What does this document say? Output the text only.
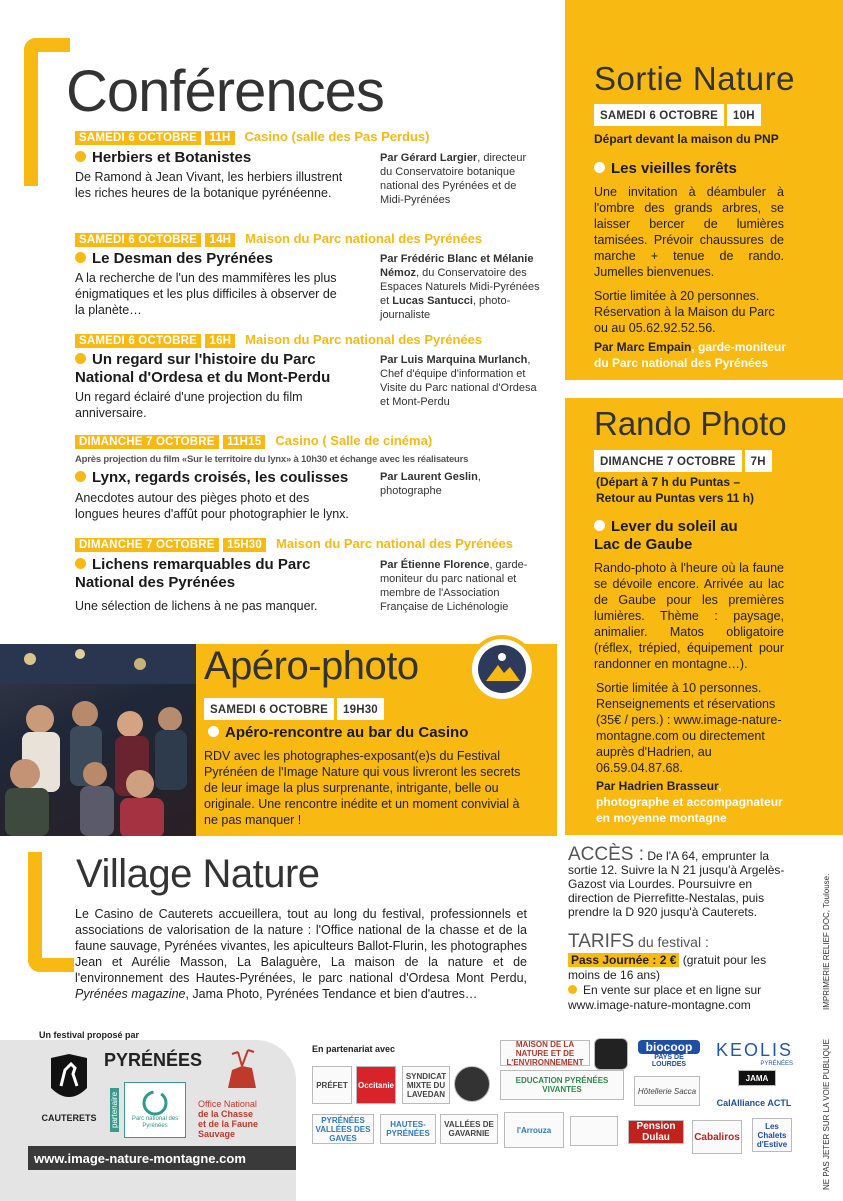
Sortie Nature
SAMEDI 6 OCTOBRE 10H
Départ devant la maison du PNP
Les vieilles forêts
Une invitation à déambuler à l'ombre des grands arbres, se laisser bercer de lumières tamisées. Prévoir chaussures de marche + tenue de rando. Jumelles bienvenues.
Sortie limitée à 20 personnes. Réservation à la Maison du Parc ou au 05.62.92.52.56.
Par Marc Empain, garde-moniteur du Parc national des Pyrénées
Rando Photo
DIMANCHE 7 OCTOBRE 7H
(Départ à 7 h du Puntas – Retour au Puntas vers 11 h)
Lever du soleil au Lac de Gaube
Rando-photo à l'heure où la faune se dévoile encore. Arrivée au lac de Gaube pour les premières lumières. Thème : paysage, animalier. Matos obligatoire (réflex, trépied, équipement pour randonner en montagne…).
Sortie limitée à 10 personnes. Renseignements et réservations (35€ / pers.) : www.image-nature-montagne.com ou directement auprès d'Hadrien, au 06.59.04.87.68.
Par Hadrien Brasseur, photographe et accompagnateur en moyenne montagne
Conférences
SAMEDI 6 OCTOBRE 11H Casino (salle des Pas Perdus)
Herbiers et Botanistes
De Ramond à Jean Vivant, les herbiers illustrent les riches heures de la botanique pyrénéenne.
Par Gérard Largier, directeur du Conservatoire botanique national des Pyrénées et de Midi-Pyrénées
SAMEDI 6 OCTOBRE 14H Maison du Parc national des Pyrénées
Le Desman des Pyrénées
A la recherche de l'un des mammifères les plus énigmatiques et les plus difficiles à observer de la planète…
Par Frédéric Blanc et Mélanie Némoz, du Conservatoire des Espaces Naturels Midi-Pyrénées et Lucas Santucci, photo-journaliste
SAMEDI 6 OCTOBRE 16H Maison du Parc national des Pyrénées
Un regard sur l'histoire du Parc National d'Ordesa et du Mont-Perdu
Un regard éclairé d'une projection du film anniversaire.
Par Luis Marquina Murlanch, Chef d'équipe d'information et Visite du Parc national d'Ordesa et Mont-Perdu
DIMANCHE 7 OCTOBRE 11H15 Casino ( Salle de cinéma)
Après projection du film «Sur le territoire du lynx» à 10h30 et échange avec les réalisateurs
Lynx, regards croisés, les coulisses
Anecdotes autour des pièges photo et des longues heures d'affût pour photographier le lynx.
Par Laurent Geslin, photographe
DIMANCHE 7 OCTOBRE 15H30 Maison du Parc national des Pyrénées
Lichens remarquables du Parc National des Pyrénées
Une sélection de lichens à ne pas manquer.
Par Étienne Florence, garde-moniteur du parc national et membre de l'Association Française de Lichénologie
Apéro-photo
SAMEDI 6 OCTOBRE 19H30
Apéro-rencontre au bar du Casino
RDV avec les photographes-exposant(e)s du Festival Pyrénéen de l'Image Nature qui vous livreront les secrets de leur image la plus surprenante, intrigante, belle ou originale. Une rencontre inédite et un moment convivial à ne pas manquer !
Village Nature
Le Casino de Cauterets accueillera, tout au long du festival, professionnels et associations de valorisation de la nature : l'Office national de la chasse et de la faune sauvage, Pyrénées vivantes, les apiculteurs Ballot-Flurin, les photographes Jean et Aurélie Masson, La Balaguère, La maison de la nature et de l'environnement des Hautes-Pyrénées, le parc national d'Ordesa Mont Perdu, Pyrénées magazine, Jama Photo, Pyrénées Tendance et bien d'autres…
ACCÈS : De l'A 64, emprunter la sortie 12. Suivre la N 21 jusqu'à Argelès-Gazost via Lourdes. Poursuivre en direction de Pierrefitte-Nestalas, puis prendre la D 920 jusqu'à Cauterets.
TARIFS du festival :
Pass Journée : 2 € (gratuit pour les moins de 16 ans)
En vente sur place et en ligne sur www.image-nature-montagne.com	IMPRIMERIE RELIEF DOC, Toulouse.
NE PAS JETER SUR LA VOIE PUBLIQUE
Un festival proposé par
CAUTERETS
PYRÉNÉES
partenaire	Parc national des Pyrénées
Office National
de la Chasse
et de la Faune Sauvage
www.image-nature-montagne.com
En partenariat avec
PRÉFET	Occitanie
SYNDICAT MIXTE DU LAVEDAN
MAISON DE LA NATURE ET DE L'ENVIRONNEMENT
biocoop
PAYS DE LOURDES
KEOLIS
PYRÉNÉES
EDUCATION PYRÉNÉES VIVANTES	Hôtellerie Sacca
JAMA
PYRÉNÉES VALLÉES DES GAVES
HAUTES-PYRÉNÉES
VALLÉES DE GAVARNIE	l'Arrouza	Pension Dulau	Cabaliros
Les Chalets d'Estive
CalAlliance ACTL
